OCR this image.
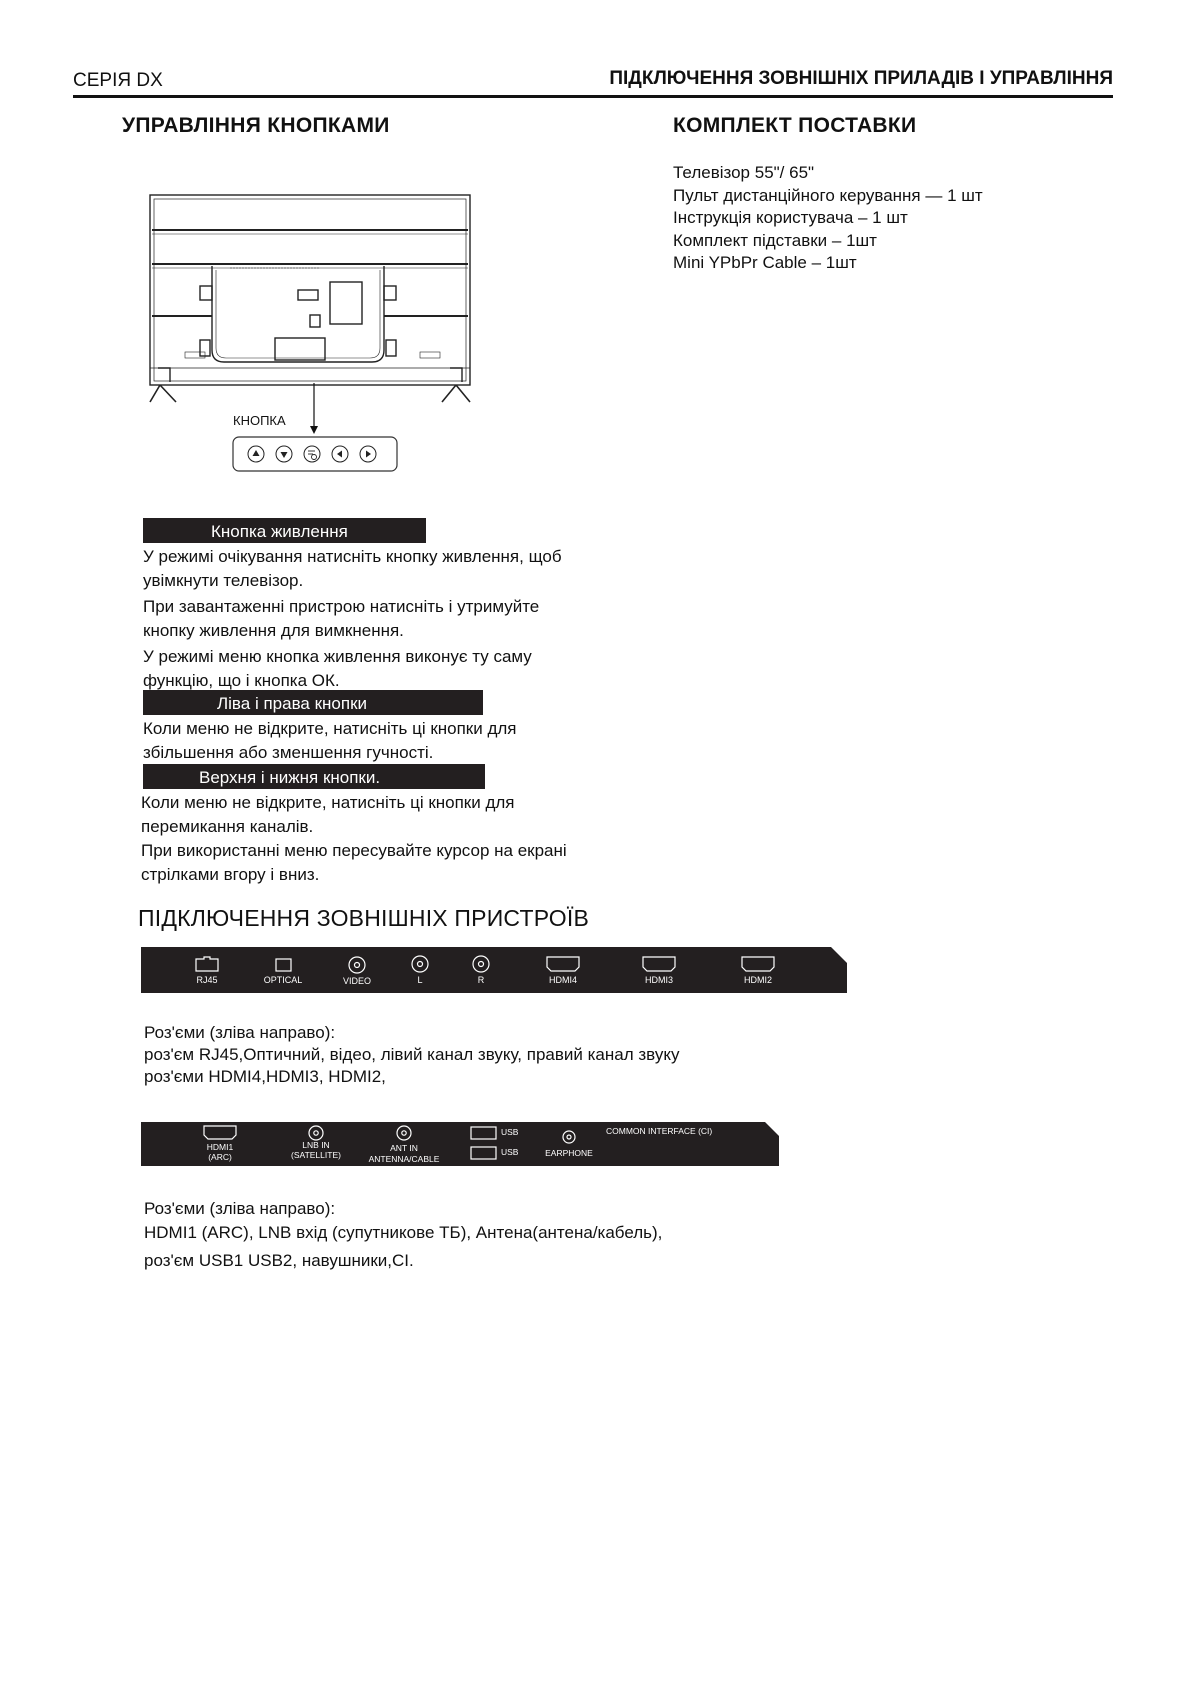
СЕРІЯ DX	ПІДКЛЮЧЕННЯ ЗОВНІШНІХ ПРИЛАДІВ І УПРАВЛІННЯ
УПРАВЛІННЯ КНОПКАМИ	КОМПЛЕКТ ПОСТАВКИ
Телевізор 55"/ 65"
Пульт дистанційного керування — 1 шт
Інструкція користувача – 1 шт
Комплект підставки – 1шт
Mini YPbPr Cable – 1шт
КНОПКА
Кнопка живлення

У режимі очікування натисніть кнопку живлення, щоб

увімкнути телевізор.

При завантаженні пристрою натисніть і утримуйте

кнопку живлення для вимкнення.

У режимі меню кнопка живлення виконує ту саму

функцію, що і кнопка ОК.

Ліва і права кнопки

Коли меню не відкрите, натисніть ці кнопки для

збільшення або зменшення гучності.

Верхня і нижня кнопки.

Коли меню не відкрите, натисніть ці кнопки для

перемикання каналів.

При використанні меню пересувайте курсор на екрані

стрілками вгору і вниз.

ПІДКЛЮЧЕННЯ ЗОВНІШНІХ ПРИСТРОЇВ
RJ45	OPTICAL	VIDEO	L	R	HDMI4	HDMI3	HDMI2
Роз'єми (зліва направо):
роз'єм RJ45,Оптичний, відео, лівий канал звуку, правий канал звуку
роз'єми HDMI4,HDMI3, HDMI2,
HDMI1
(ARC)
LNB IN
(SATELLITE)
ANT IN
ANTENNA/CABLE
USB
USB	EARPHONE
COMMON INTERFACE (CI)
Роз'єми (зліва направо):
HDMI1 (ARC), LNB вхід (супутникове ТБ), Антена(антена/кабель),
роз'єм USB1 USB2, навушники,CI.
